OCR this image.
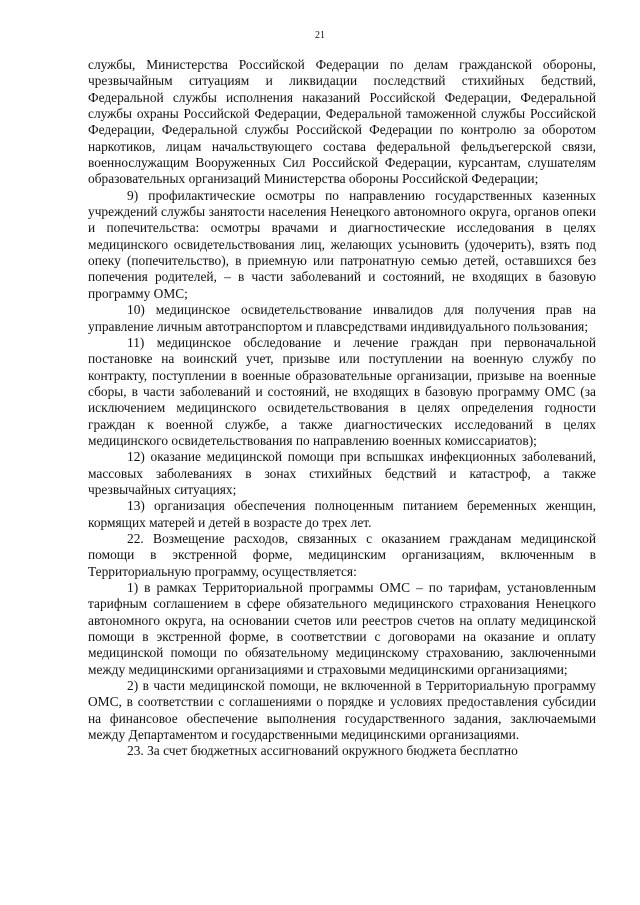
21

службы, Министерства Российской Федерации по делам гражданской обороны, чрезвычайным ситуациям и ликвидации последствий стихийных бедствий, Федеральной службы исполнения наказаний Российской Федерации, Федеральной службы охраны Российской Федерации, Федеральной таможенной службы Российской Федерации, Федеральной службы Российской Федерации по контролю за оборотом наркотиков, лицам начальствующего состава федеральной фельдъегерской связи, военнослужащим Вооруженных Сил Российской Федерации, курсантам, слушателям образовательных организаций Министерства обороны Российской Федерации;

9) профилактические осмотры по направлению государственных казенных учреждений службы занятости населения Ненецкого автономного округа, органов опеки и попечительства: осмотры врачами и диагностические исследования в целях медицинского освидетельствования лиц, желающих усыновить (удочерить), взять под опеку (попечительство), в приемную или патронатную семью детей, оставшихся без попечения родителей, – в части заболеваний и состояний, не входящих в базовую программу ОМС;

10) медицинское освидетельствование инвалидов для получения прав на управление личным автотранспортом и плавсредствами индивидуального пользования;

11) медицинское обследование и лечение граждан при первоначальной постановке на воинский учет, призыве или поступлении на военную службу по контракту, поступлении в военные образовательные организации, призыве на военные сборы, в части заболеваний и состояний, не входящих в базовую программу ОМС (за исключением медицинского освидетельствования в целях определения годности граждан к военной службе, а также диагностических исследований в целях медицинского освидетельствования по направлению военных комиссариатов);

12) оказание медицинской помощи при вспышках инфекционных заболеваний, массовых заболеваниях в зонах стихийных бедствий и катастроф, а также чрезвычайных ситуациях;

13) организация обеспечения полноценным питанием беременных женщин, кормящих матерей и детей в возрасте до трех лет.

22. Возмещение расходов, связанных с оказанием гражданам медицинской помощи в экстренной форме, медицинским организациям, включенным в Территориальную программу, осуществляется:

1) в рамках Территориальной программы ОМС – по тарифам, установленным тарифным соглашением в сфере обязательного медицинского страхования Ненецкого автономного округа, на основании счетов или реестров счетов на оплату медицинской помощи в экстренной форме, в соответствии с договорами на оказание и оплату медицинской помощи по обязательному медицинскому страхованию, заключенными между медицинскими организациями и страховыми медицинскими организациями;

2) в части медицинской помощи, не включенной в Территориальную программу ОМС, в соответствии с соглашениями о порядке и условиях предоставления субсидии на финансовое обеспечение выполнения государственного задания, заключаемыми между Департаментом и государственными медицинскими организациями.

23. За счет бюджетных ассигнований окружного бюджета бесплатно
